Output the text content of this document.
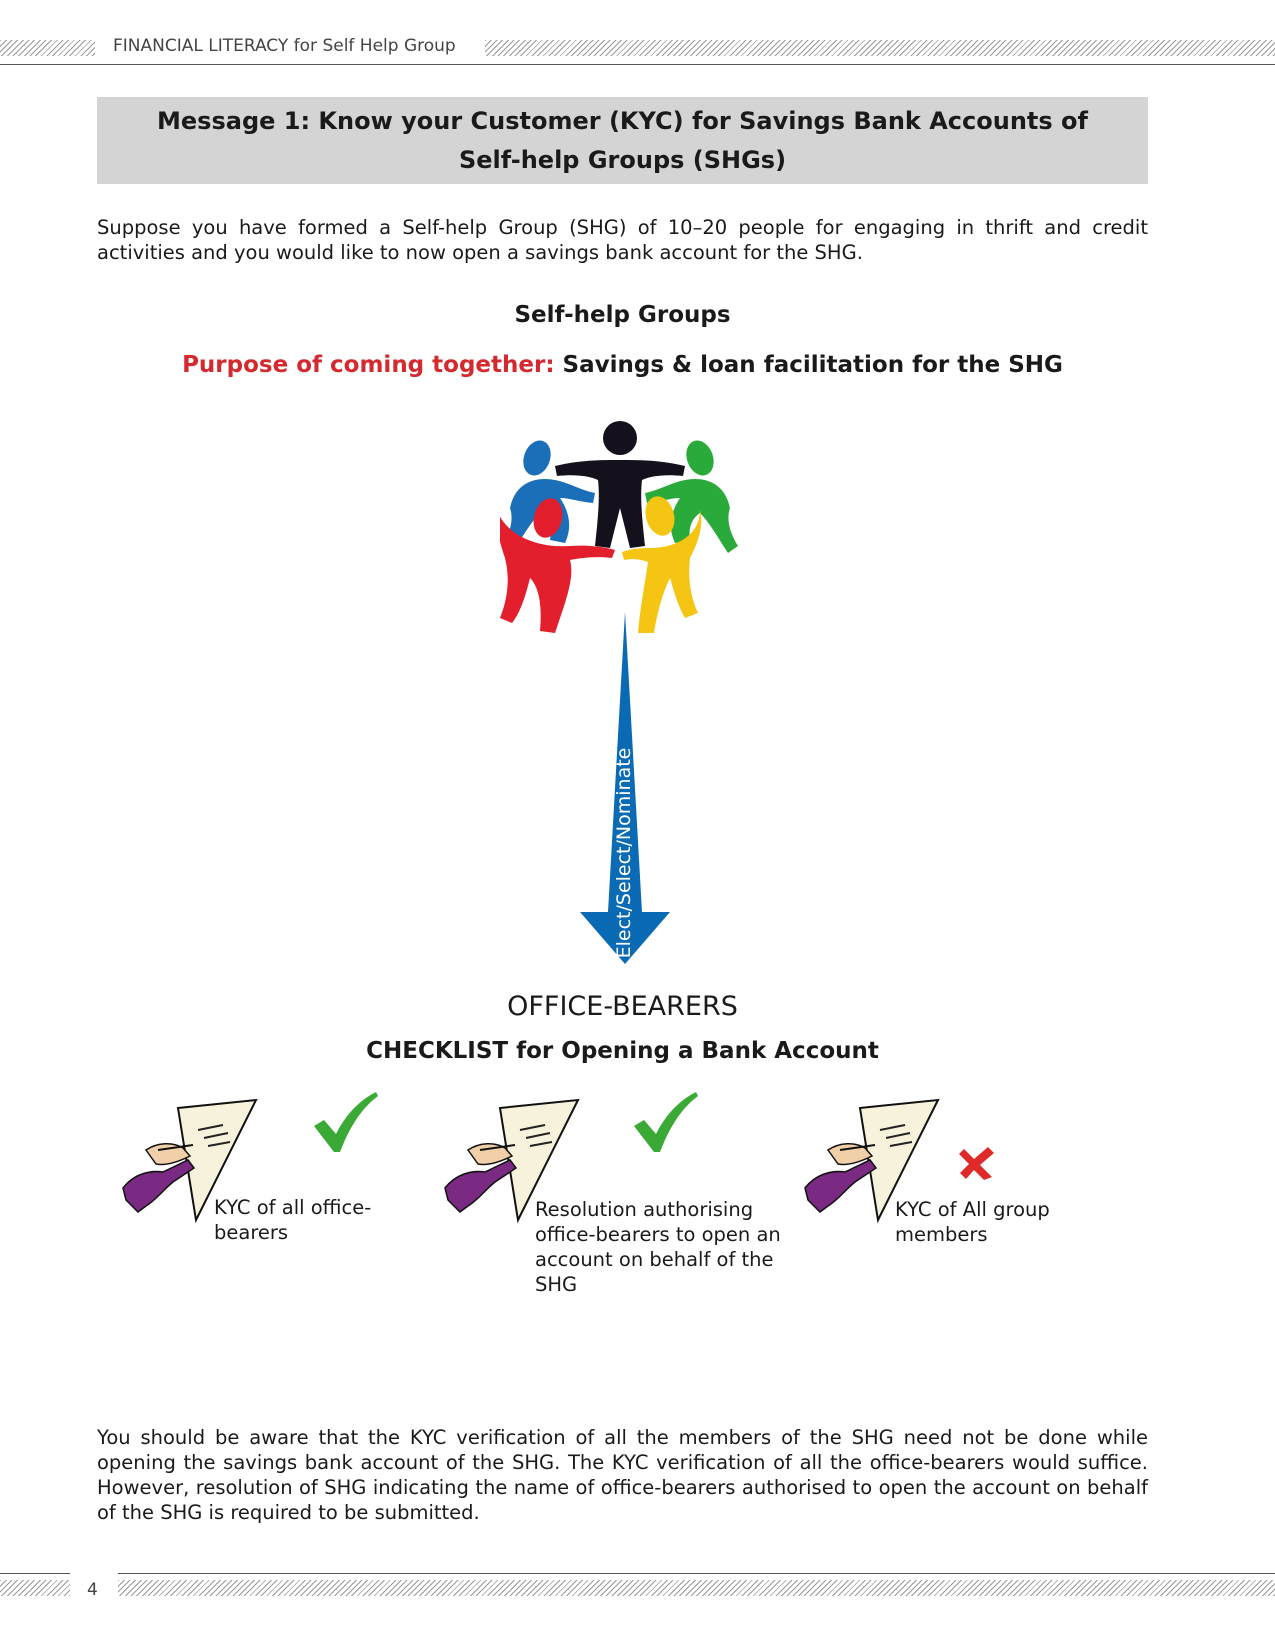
FINANCIAL LITERACY for Self Help Group
Message 1: Know your Customer (KYC) for Savings Bank Accounts of Self-help Groups (SHGs)
Suppose you have formed a Self-help Group (SHG) of 10–20 people for engaging in thrift and credit activities and you would like to now open a savings bank account for the SHG.
Self-help Groups
Purpose of coming together: Savings & loan facilitation for the SHG
Elect/Select/Nominate
OFFICE-BEARERS
CHECKLIST for Opening a Bank Account
KYC of all office-bearers
Resolution authorising office-bearers to open an account on behalf of the SHG
KYC of All group members
You should be aware that the KYC verification of all the members of the SHG need not be done while opening the savings bank account of the SHG. The KYC verification of all the office-bearers would suffice. However, resolution of SHG indicating the name of office-bearers authorised to open the account on behalf of the SHG is required to be submitted.
4
